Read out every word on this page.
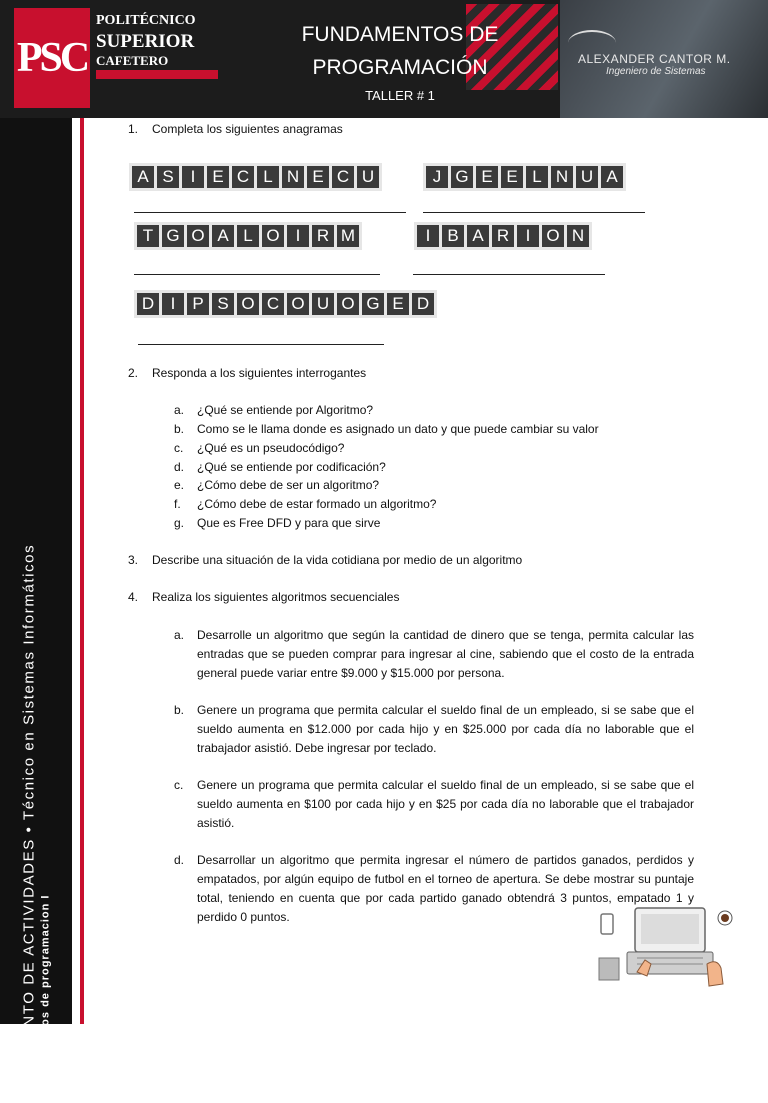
PSC
POLITÉCNICO
SUPERIOR
CAFETERO
FUNDAMENTOS DE
PROGRAMACIÓN
TALLER # 1
ALEXANDER CANTOR M.
Ingeniero de Sistemas
DOCUMENTO DE ACTIVIDADES • Técnico en Sistemas Informáticos • Fundamentos de programacion I
1. Completa los siguientes anagramas
A S I E C L N E C U	J G E E L N U A
T G O A L O I R M	I B A R I O N
D I P S O C O U O G E D
2. Responda a los siguientes interrogantes
a. ¿Qué se entiende por Algoritmo?
b. Como se le llama donde es asignado un dato y que puede cambiar su valor
c. ¿Qué es un pseudocódigo?
d. ¿Qué se entiende por codificación?
e. ¿Cómo debe de ser un algoritmo?
f. ¿Cómo debe de estar formado un algoritmo?
g. Que es Free DFD y para que sirve
3. Describe una situación de la vida cotidiana por medio de un algoritmo
4. Realiza los siguientes algoritmos secuenciales
a. Desarrolle un algoritmo que según la cantidad de dinero que se tenga, permita calcular las entradas que se pueden comprar para ingresar al cine, sabiendo que el costo de la entrada general puede variar entre $9.000 y $15.000 por persona.
b. Genere un programa que permita calcular el sueldo final de un empleado, si se sabe que el sueldo aumenta en $12.000 por cada hijo y en $25.000 por cada día no laborable que el trabajador asistió. Debe ingresar por teclado.
c. Genere un programa que permita calcular el sueldo final de un empleado, si se sabe que el sueldo aumenta en $100 por cada hijo y en $25 por cada día no laborable que el trabajador asistió.
d. Desarrollar un algoritmo que permita ingresar el número de partidos ganados, perdidos y empatados, por algún equipo de futbol en el torneo de apertura. Se debe mostrar su puntaje total, teniendo en cuenta que por cada partido ganado obtendrá 3 puntos, empatado 1 y perdido 0 puntos.
